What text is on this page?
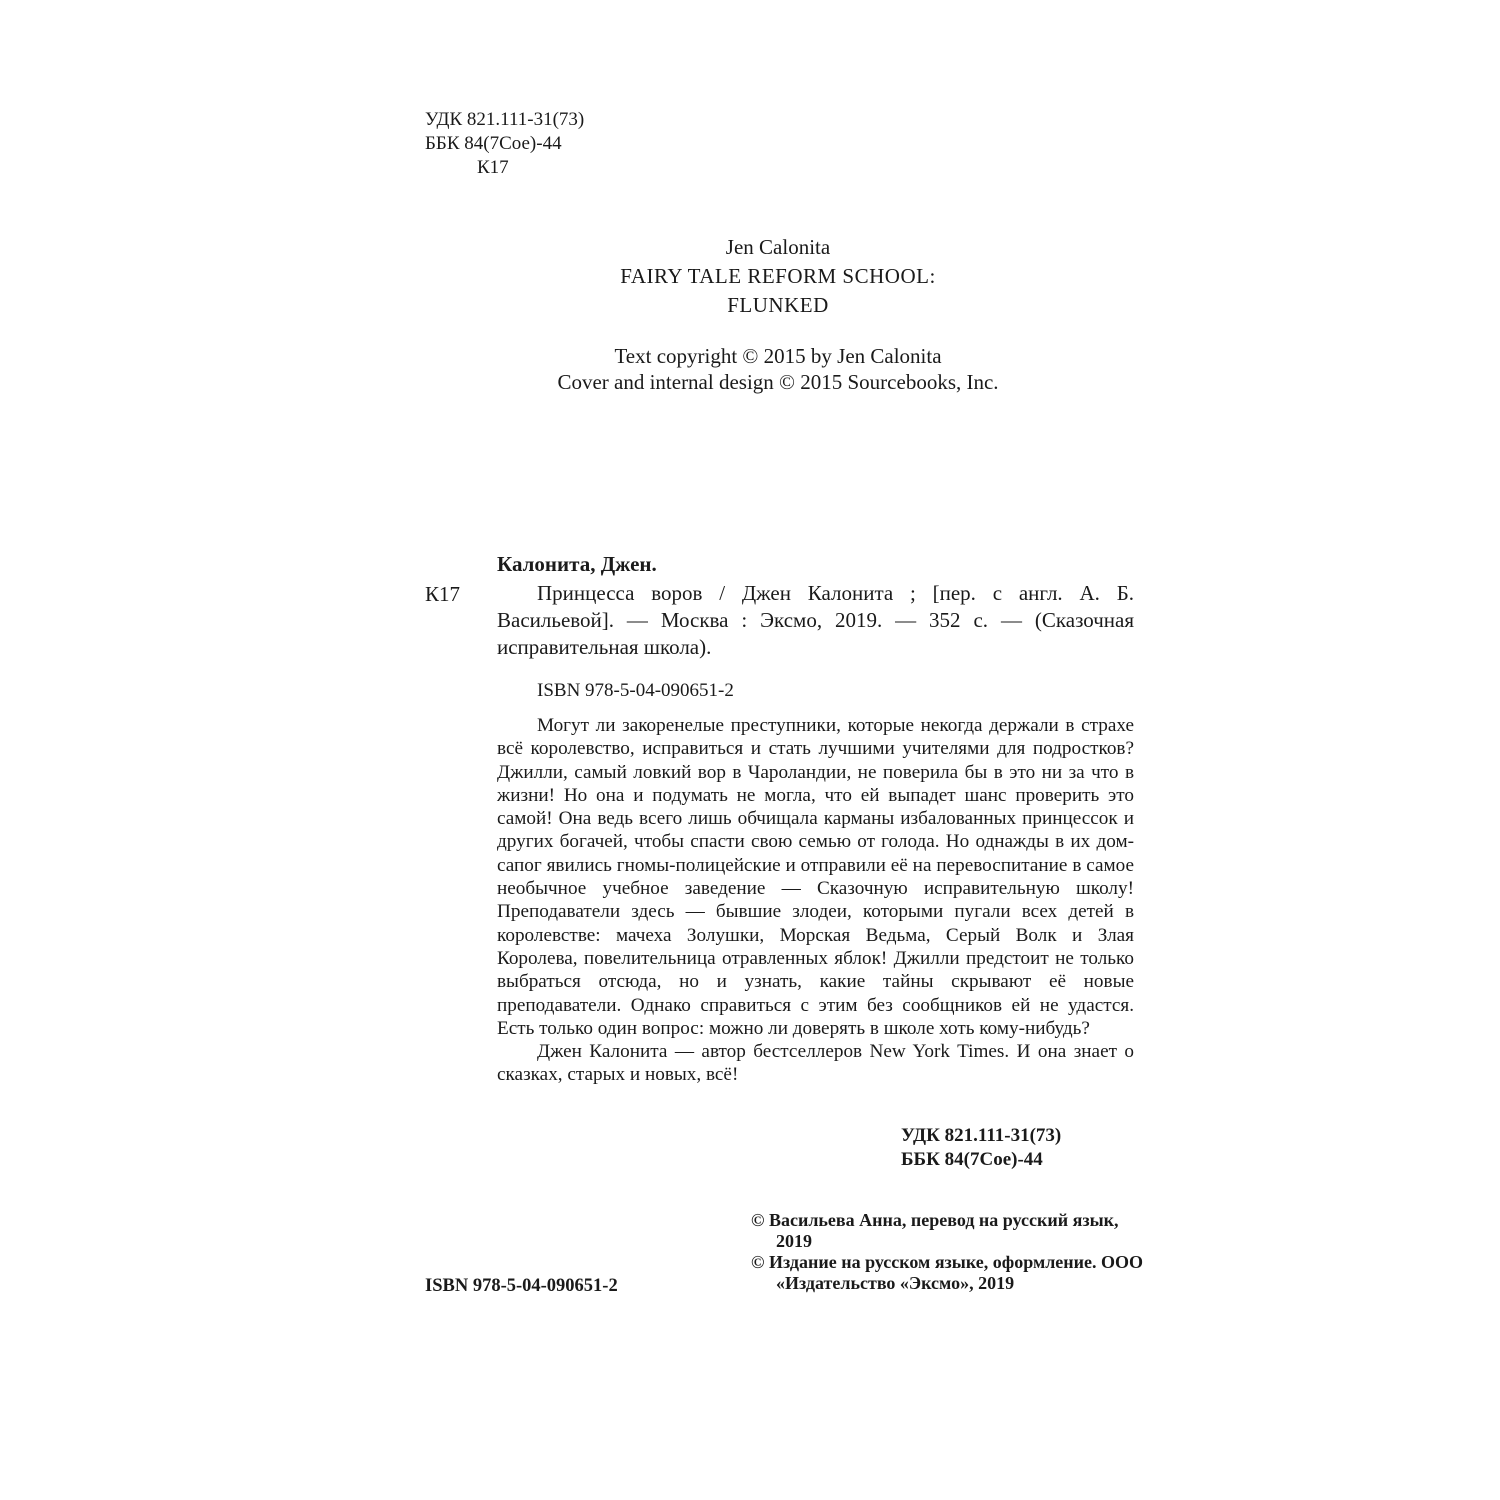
УДК 821.111-31(73)
ББК 84(7Сое)-44
К17
Jen Calonita
FAIRY TALE REFORM SCHOOL:
FLUNKED
Text copyright © 2015 by Jen Calonita
Cover and internal design © 2015 Sourcebooks, Inc.
Калонита, Джен.
К17	Принцесса воров / Джен Калонита ; [пер. с англ. А. Б. Васильевой]. — Москва : Эксмо, 2019. — 352 с. — (Сказочная исправительная школа).
ISBN 978-5-04-090651-2

Могут ли закоренелые преступники, которые некогда держали в страхе всё королевство, исправиться и стать лучшими учителями для подростков? Джилли, самый ловкий вор в Чароландии, не поверила бы в это ни за что в жизни! Но она и подумать не могла, что ей выпадет шанс проверить это самой! Она ведь всего лишь обчищала карманы избалованных принцессок и других богачей, чтобы спасти свою семью от голода. Но однажды в их дом-сапог явились гномы-полицейские и отправили её на перевоспитание в самое необычное учебное заведение — Сказочную исправительную школу! Преподаватели здесь — бывшие злодеи, которыми пугали всех детей в королевстве: мачеха Золушки, Морская Ведьма, Серый Волк и Злая Королева, повелительница отравленных яблок! Джилли предстоит не только выбраться отсюда, но и узнать, какие тайны скрывают её новые преподаватели. Однако справиться с этим без сообщников ей не удастся. Есть только один вопрос: можно ли доверять в школе хоть кому-нибудь?

Джен Калонита — автор бестселлеров New York Times. И она знает о сказках, старых и новых, всё!

УДК 821.111-31(73)
ББК 84(7Сое)-44
© Васильева Анна, перевод на русский язык, 2019
© Издание на русском языке, оформление. ООО «Издательство «Эксмо», 2019
ISBN 978-5-04-090651-2
